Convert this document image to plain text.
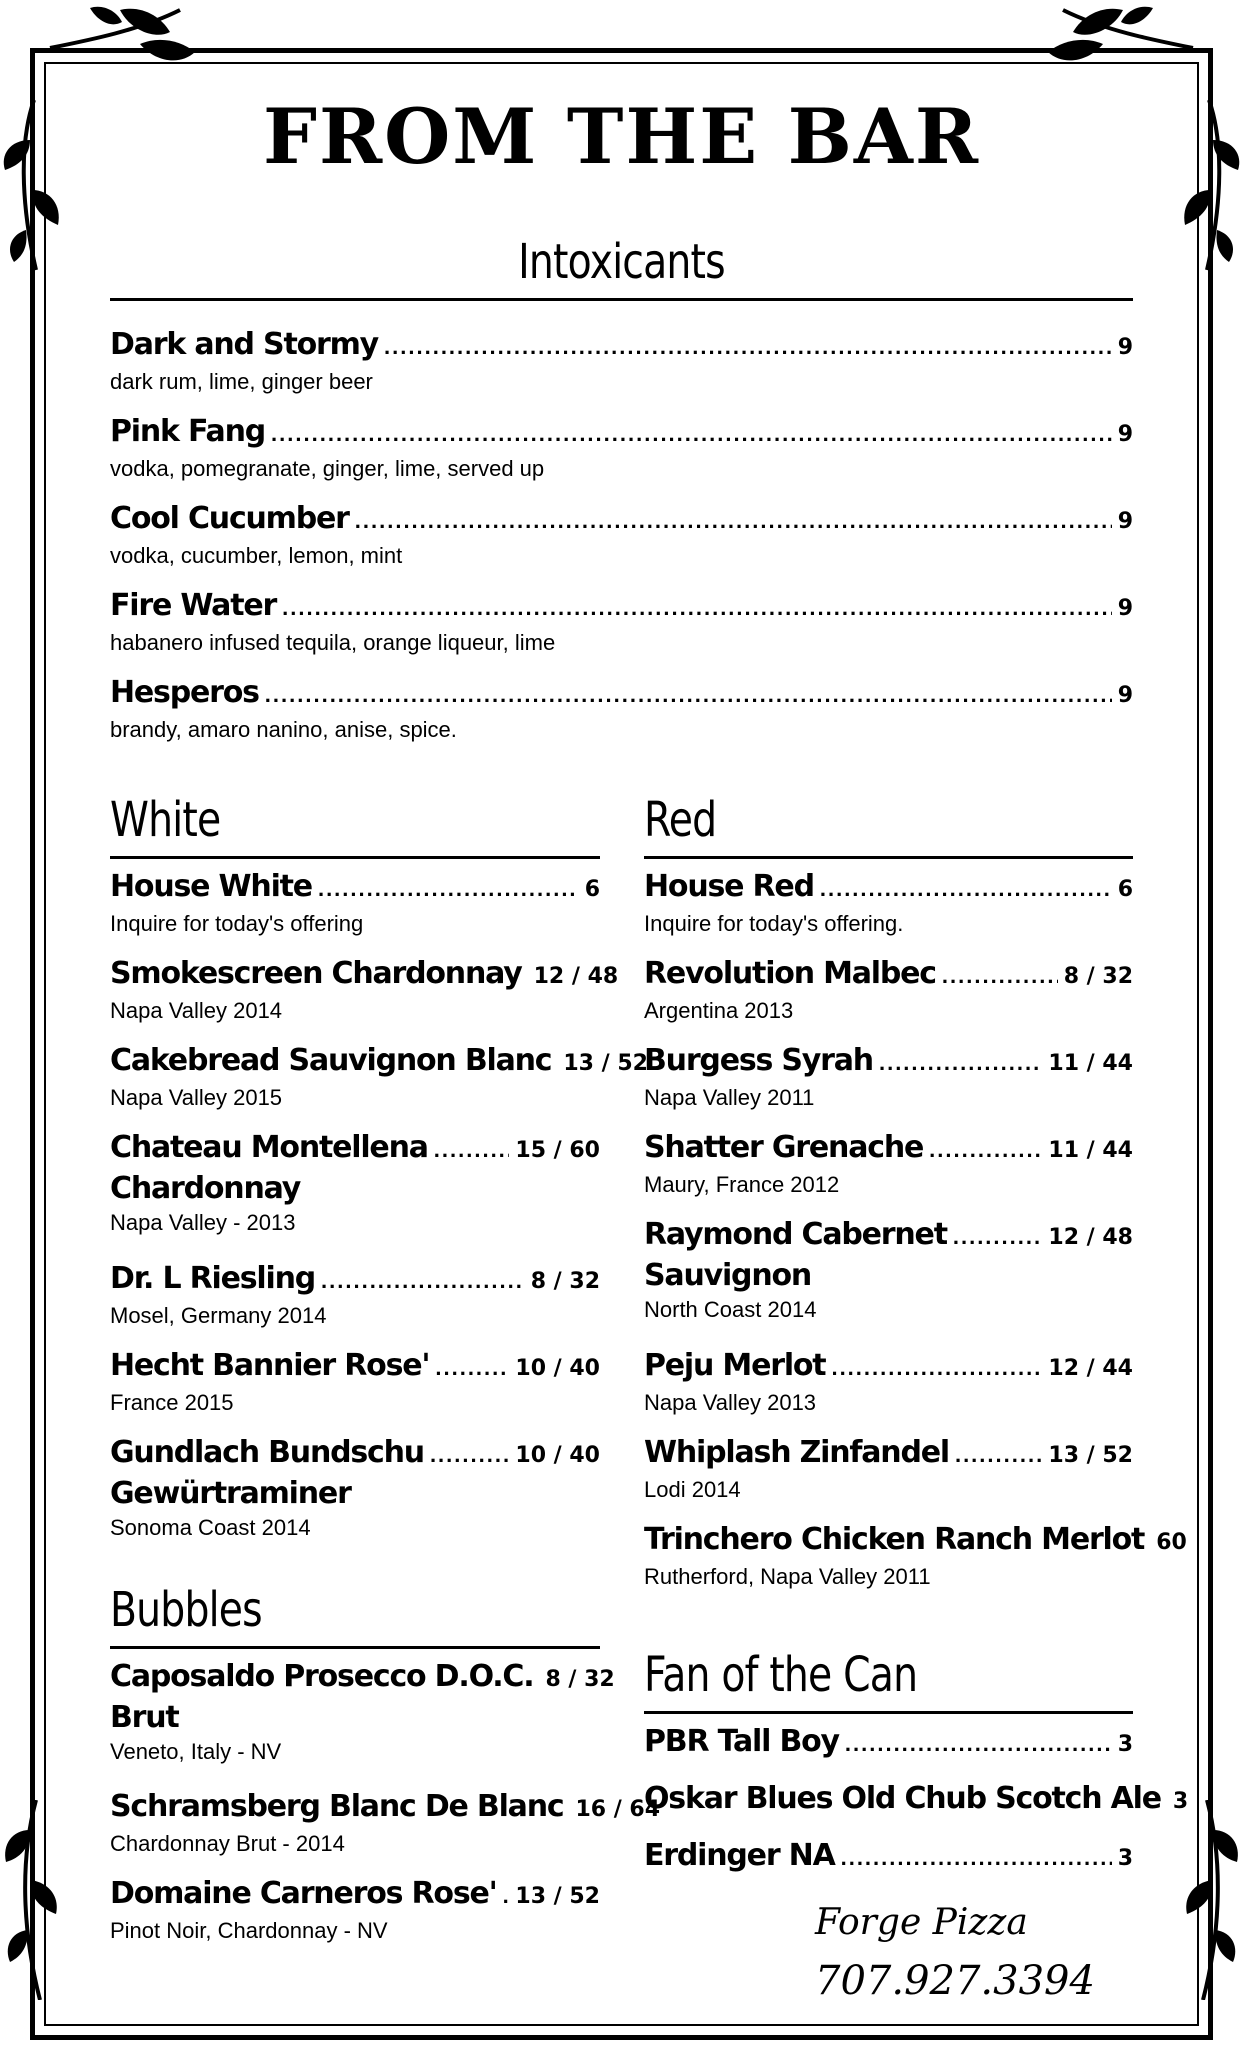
FROM THE BAR
Intoxicants
Dark and Stormy .....	9
dark rum, lime, ginger beer
Pink Fang .....	9
vodka, pomegranate, ginger, lime, served up
Cool Cucumber .....	9
vodka, cucumber, lemon, mint
Fire Water .....	9
habanero infused tequila, orange liqueur, lime
Hesperos .....	9
brandy, amaro nanino, anise, spice.
White
House White .....	6
Inquire for today's offering
Smokescreen Chardonnay 12 / 48
Napa Valley 2014
Cakebread Sauvignon Blanc 13 / 52
Napa Valley 2015
Chateau Montellena .....	15 / 60
Chardonnay
Napa Valley - 2013
Dr. L Riesling .....	8 / 32
Mosel, Germany 2014
Hecht Bannier Rose' .....	10 / 40
France 2015
Gundlach Bundschu .....	10 / 40
Gewürtraminer
Sonoma Coast 2014
Bubbles
Caposaldo Prosecco D.O.C. 8 / 32
Brut
Veneto, Italy - NV
Schramsberg Blanc De Blanc 16 / 64
Chardonnay Brut - 2014
Domaine Carneros Rose' ..... 13 / 52
Pinot Noir, Chardonnay - NV
Red
House Red .....	6
Inquire for today's offering.
Revolution Malbec .....	8 / 32
Argentina 2013
Burgess Syrah .....	11 / 44
Napa Valley 2011
Shatter Grenache .....	11 / 44
Maury, France 2012
Raymond Cabernet .....	12 / 48
Sauvignon
North Coast 2014
Peju Merlot .....	12 / 44
Napa Valley 2013
Whiplash Zinfandel .....	13 / 52
Lodi 2014
Trinchero Chicken Ranch Merlot 60
Rutherford, Napa Valley 2011
Fan of the Can
PBR Tall Boy .....	3
Oskar Blues Old Chub Scotch Ale 3
Erdinger NA .....	3
Forge Pizza
707.927.3394
